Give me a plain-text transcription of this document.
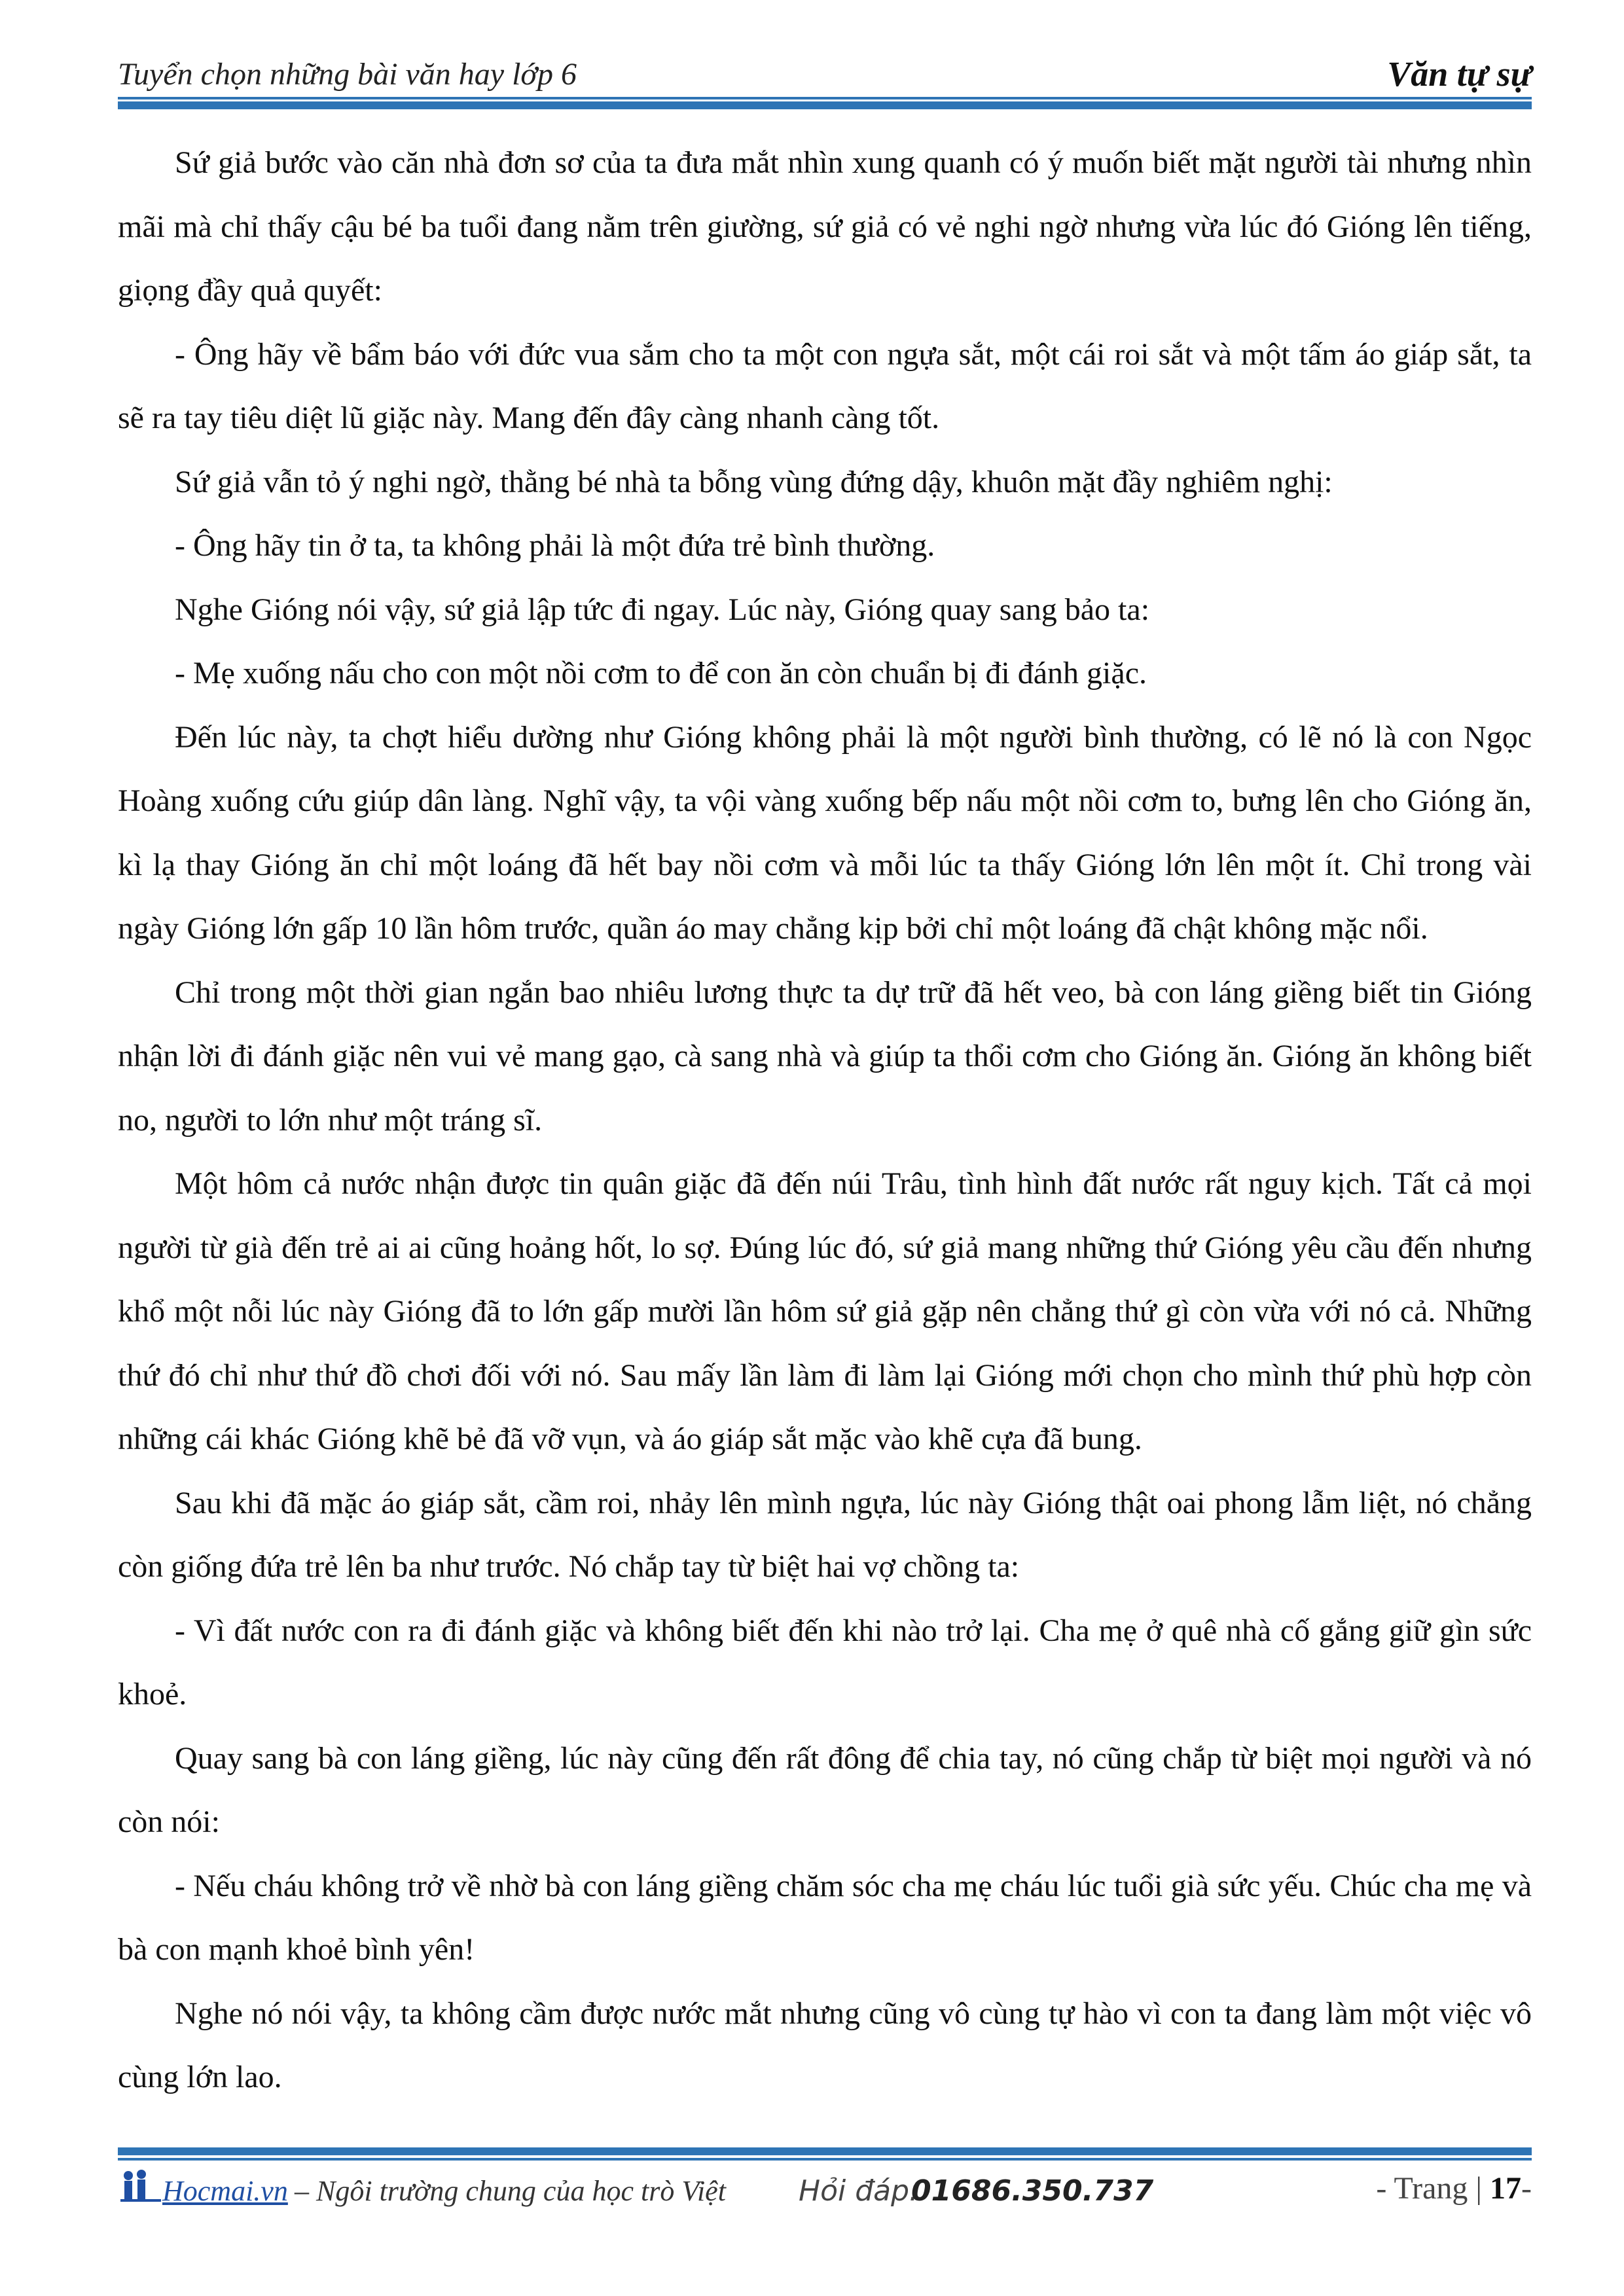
Tuyển chọn những bài văn hay lớp 6	Văn tự sự

Sứ giả bước vào căn nhà đơn sơ của ta đưa mắt nhìn xung quanh có ý muốn biết mặt người tài nhưng nhìn mãi mà chỉ thấy cậu bé ba tuổi đang nằm trên giường, sứ giả có vẻ nghi ngờ nhưng vừa lúc đó Gióng lên tiếng, giọng đầy quả quyết:

- Ông hãy về bẩm báo với đức vua sắm cho ta một con ngựa sắt, một cái roi sắt và một tấm áo giáp sắt, ta sẽ ra tay tiêu diệt lũ giặc này. Mang đến đây càng nhanh càng tốt.

Sứ giả vẫn tỏ ý nghi ngờ, thằng bé nhà ta bỗng vùng đứng dậy, khuôn mặt đầy nghiêm nghị:

- Ông hãy tin ở ta, ta không phải là một đứa trẻ bình thường.

Nghe Gióng nói vậy, sứ giả lập tức đi ngay. Lúc này, Gióng quay sang bảo ta:

- Mẹ xuống nấu cho con một nồi cơm to để con ăn còn chuẩn bị đi đánh giặc.

Đến lúc này, ta chợt hiểu dường như Gióng không phải là một người bình thường, có lẽ nó là con Ngọc Hoàng xuống cứu giúp dân làng. Nghĩ vậy, ta vội vàng xuống bếp nấu một nồi cơm to, bưng lên cho Gióng ăn, kì lạ thay Gióng ăn chỉ một loáng đã hết bay nồi cơm và mỗi lúc ta thấy Gióng lớn lên một ít. Chỉ trong vài ngày Gióng lớn gấp 10 lần hôm trước, quần áo may chẳng kịp bởi chỉ một loáng đã chật không mặc nổi.

Chỉ trong một thời gian ngắn bao nhiêu lương thực ta dự trữ đã hết veo, bà con láng giềng biết tin Gióng nhận lời đi đánh giặc nên vui vẻ mang gạo, cà sang nhà và giúp ta thổi cơm cho Gióng ăn. Gióng ăn không biết no, người to lớn như một tráng sĩ.

Một hôm cả nước nhận được tin quân giặc đã đến núi Trâu, tình hình đất nước rất nguy kịch. Tất cả mọi người từ già đến trẻ ai ai cũng hoảng hốt, lo sợ. Đúng lúc đó, sứ giả mang những thứ Gióng yêu cầu đến nhưng khổ một nỗi lúc này Gióng đã to lớn gấp mười lần hôm sứ giả gặp nên chẳng thứ gì còn vừa với nó cả. Những thứ đó chỉ như thứ đồ chơi đối với nó. Sau mấy lần làm đi làm lại Gióng mới chọn cho mình thứ phù hợp còn những cái khác Gióng khẽ bẻ đã vỡ vụn, và áo giáp sắt mặc vào khẽ cựa đã bung.

Sau khi đã mặc áo giáp sắt, cầm roi, nhảy lên mình ngựa, lúc này Gióng thật oai phong lẫm liệt, nó chẳng còn giống đứa trẻ lên ba như trước. Nó chắp tay từ biệt hai vợ chồng ta:

- Vì đất nước con ra đi đánh giặc và không biết đến khi nào trở lại. Cha mẹ ở quê nhà cố gắng giữ gìn sức khoẻ.

Quay sang bà con láng giềng, lúc này cũng đến rất đông để chia tay, nó cũng chắp từ biệt mọi người và nó còn nói:

- Nếu cháu không trở về nhờ bà con láng giềng chăm sóc cha mẹ cháu lúc tuổi già sức yếu. Chúc cha mẹ và bà con mạnh khoẻ bình yên!

Nghe nó nói vậy, ta không cầm được nước mắt nhưng cũng vô cùng tự hào vì con ta đang làm một việc vô cùng lớn lao.

Hocmai.vn – Ngôi trường chung của học trò Việt	Hỏi đáp:
01686.350.737	- Trang | 17-
